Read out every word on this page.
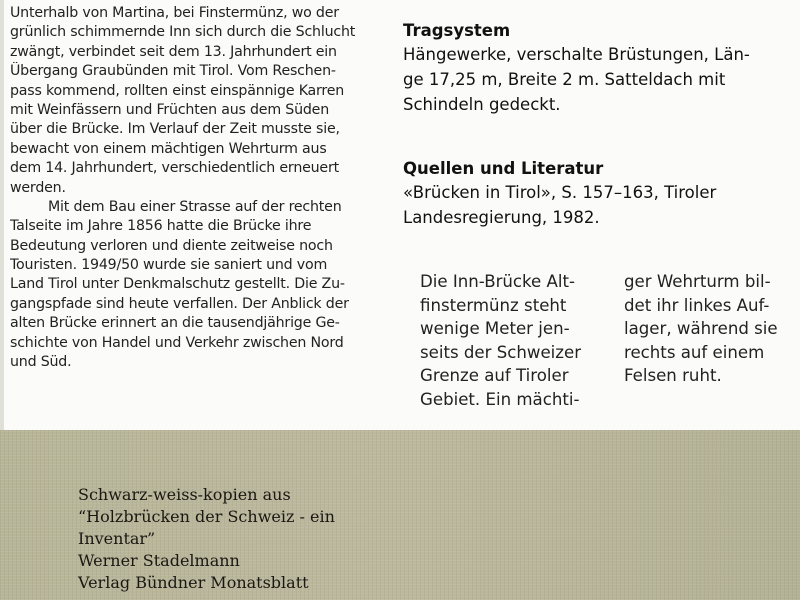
Unterhalb von Martina, bei Finstermünz, wo der
grünlich schimmernde Inn sich durch die Schlucht
zwängt, verbindet seit dem 13. Jahrhundert ein
Übergang Graubünden mit Tirol. Vom Reschen-
pass kommend, rollten einst einspännige Karren
mit Weinfässern und Früchten aus dem Süden
über die Brücke. Im Verlauf der Zeit musste sie,
bewacht von einem mächtigen Wehrturm aus
dem 14. Jahrhundert, verschiedentlich erneuert
werden.
Mit dem Bau einer Strasse auf der rechten
Talseite im Jahre 1856 hatte die Brücke ihre
Bedeutung verloren und diente zeitweise noch
Touristen. 1949/50 wurde sie saniert und vom
Land Tirol unter Denkmalschutz gestellt. Die Zu-
gangspfade sind heute verfallen. Der Anblick der
alten Brücke erinnert an die tausendjährige Ge-
schichte von Handel und Verkehr zwischen Nord
und Süd.
Tragsystem
Hängewerke, verschalte Brüstungen, Län-
ge 17,25 m, Breite 2 m. Satteldach mit
Schindeln gedeckt.
Quellen und Literatur
«Brücken in Tirol», S. 157–163, Tiroler
Landesregierung, 1982.
Die Inn-Brücke Alt-
finstermünz steht
wenige Meter jen-
seits der Schweizer
Grenze auf Tiroler
Gebiet. Ein mächti-
ger Wehrturm bil-
det ihr linkes Auf-
lager, während sie
rechts auf einem
Felsen ruht.
Schwarz-weiss-kopien aus
“Holzbrücken der Schweiz - ein
Inventar”
Werner Stadelmann
Verlag Bündner Monatsblatt
